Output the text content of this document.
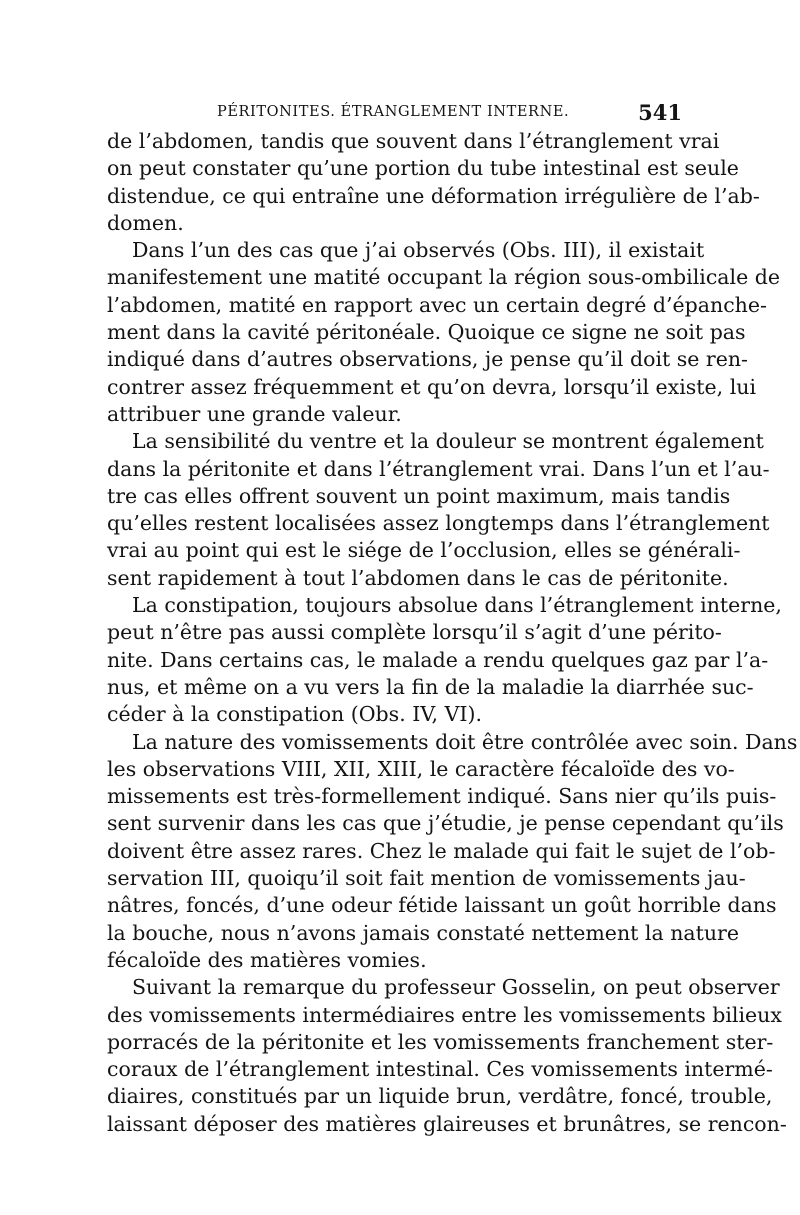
PÉRITONITES. ÉTRANGLEMENT INTERNE.	541
de l’abdomen, tandis que souvent dans l’étranglement vrai
on peut constater qu’une portion du tube intestinal est seule
distendue, ce qui entraîne une déformation irrégulière de l’ab-
domen.
Dans l’un des cas que j’ai observés (Obs. III), il existait
manifestement une matité occupant la région sous-ombilicale de
l’abdomen, matité en rapport avec un certain degré d’épanche-
ment dans la cavité péritonéale. Quoique ce signe ne soit pas
indiqué dans d’autres observations, je pense qu’il doit se ren-
contrer assez fréquemment et qu’on devra, lorsqu’il existe, lui
attribuer une grande valeur.
La sensibilité du ventre et la douleur se montrent également
dans la péritonite et dans l’étranglement vrai. Dans l’un et l’au-
tre cas elles offrent souvent un point maximum, mais tandis
qu’elles restent localisées assez longtemps dans l’étranglement
vrai au point qui est le siége de l’occlusion, elles se générali-
sent rapidement à tout l’abdomen dans le cas de péritonite.
La constipation, toujours absolue dans l’étranglement interne,
peut n’être pas aussi complète lorsqu’il s’agit d’une périto-
nite. Dans certains cas, le malade a rendu quelques gaz par l’a-
nus, et même on a vu vers la fin de la maladie la diarrhée suc-
céder à la constipation (Obs. IV, VI).
La nature des vomissements doit être contrôlée avec soin. Dans
les observations VIII, XII, XIII, le caractère fécaloïde des vo-
missements est très-formellement indiqué. Sans nier qu’ils puis-
sent survenir dans les cas que j’étudie, je pense cependant qu’ils
doivent être assez rares. Chez le malade qui fait le sujet de l’ob-
servation III, quoiqu’il soit fait mention de vomissements jau-
nâtres, foncés, d’une odeur fétide laissant un goût horrible dans
la bouche, nous n’avons jamais constaté nettement la nature
fécaloïde des matières vomies.
Suivant la remarque du professeur Gosselin, on peut observer
des vomissements intermédiaires entre les vomissements bilieux
porracés de la péritonite et les vomissements franchement ster-
coraux de l’étranglement intestinal. Ces vomissements intermé-
diaires, constitués par un liquide brun, verdâtre, foncé, trouble,
laissant déposer des matières glaireuses et brunâtres, se rencon-
